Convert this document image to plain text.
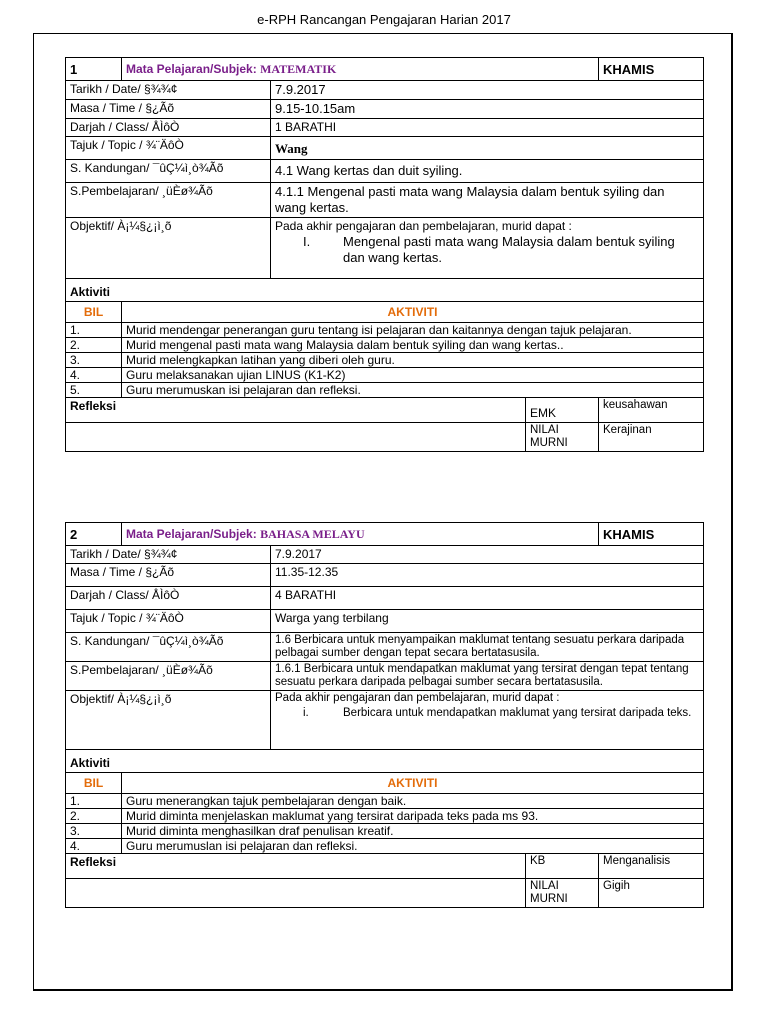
e-RPH Rancangan Pengajaran Harian 2017
1	Mata Pelajaran/Subjek: MATEMATIK			KHAMIS
Tarikh / Date/ §¾¾¢		7.9.2017		
Masa / Time / §¿Ãõ		9.15-10.15am		
Darjah / Class/ ÅÌôÒ		1 BARATHI		
Tajuk / Topic / ¾¨ÄôÒ		Wang		
S. Kandungan/ ¯ûÇ¼ì¸ò¾Ãõ		4.1 Wang kertas dan duit syiling.		
S.Pembelajaran/ ¸üÈø¾Ãõ		4.1.1 Mengenal pasti mata wang Malaysia dalam bentuk syiling dan wang kertas.		
Objektif/ À¡¼§¿¡ì¸õ		Pada akhir pengajaran dan pembelajaran, murid dapat :
I. Mengenal pasti mata wang Malaysia dalam bentuk syiling dan wang kertas.		

Aktiviti				
BIL	AKTIVITI			
1.	Murid mendengar penerangan guru tentang isi pelajaran dan kaitannya dengan tajuk pelajaran.			
2.	Murid mengenal pasti mata wang Malaysia dalam bentuk syiling dan wang kertas..			
3.	Murid melengkapkan latihan yang diberi oleh guru.			
4.	Guru melaksanakan ujian LINUS (K1-K2)			
5.	Guru merumuskan isi pelajaran dan refleksi.			
Refleksi			EMK	keusahawan
			NILAI MURNI	Kerajinan
2	Mata Pelajaran/Subjek: BAHASA MELAYU			KHAMIS
Tarikh / Date/ §¾¾¢		7.9.2017		
Masa / Time / §¿Ãõ		11.35-12.35		
Darjah / Class/ ÅÌôÒ		4 BARATHI		
Tajuk / Topic / ¾¨ÄôÒ		Warga yang terbilang		
S. Kandungan/ ¯ûÇ¼ì¸ò¾Ãõ		1.6 Berbicara untuk menyampaikan maklumat tentang sesuatu perkara daripada pelbagai sumber dengan tepat secara bertatasusila.		
S.Pembelajaran/ ¸üÈø¾Ãõ		1.6.1 Berbicara untuk mendapatkan maklumat yang tersirat dengan tepat tentang sesuatu perkara daripada pelbagai sumber secara bertatasusila.		
Objektif/ À¡¼§¿¡ì¸õ		Pada akhir pengajaran dan pembelajaran, murid dapat :
i. Berbicara untuk mendapatkan maklumat yang tersirat daripada teks.		

Aktiviti				
BIL	AKTIVITI			
1.	Guru menerangkan tajuk pembelajaran dengan baik.			
2.	Murid diminta menjelaskan maklumat yang tersirat daripada teks pada ms 93.			
3.	Murid diminta menghasilkan draf penulisan kreatif.			
4.	Guru merumuslan isi pelajaran dan refleksi.			
Refleksi			KB	Menganalisis
			NILAI MURNI	Gigih
